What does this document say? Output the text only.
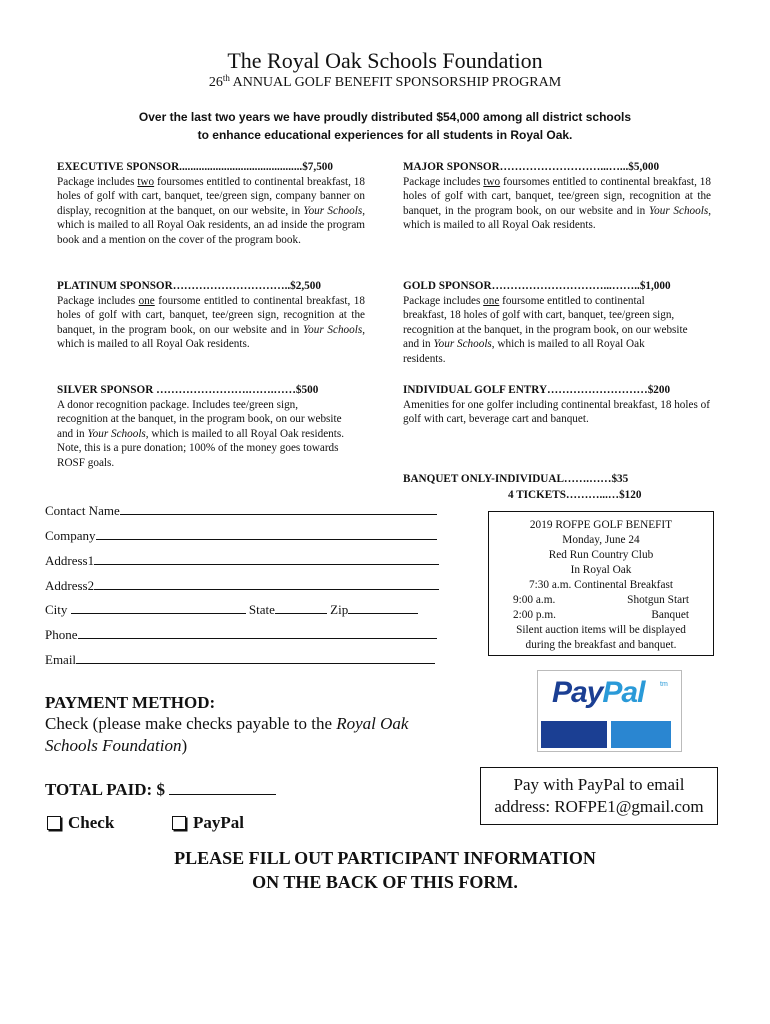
The Royal Oak Schools Foundation
26th ANNUAL GOLF BENEFIT SPONSORSHIP PROGRAM
Over the last two years we have proudly distributed $54,000 among all district schools
to enhance educational experiences for all students in Royal Oak.
EXECUTIVE SPONSOR............................................$7,500
Package includes two foursomes entitled to continental breakfast, 18 holes of golf with cart, banquet, tee/green sign, company banner on display, recognition at the banquet, on our website, in Your Schools, which is mailed to all Royal Oak residents, an ad inside the program book and a mention on the cover of the program book.
MAJOR SPONSOR………………………...…...$5,000
Package includes two foursomes entitled to continental breakfast, 18 holes of golf with cart, banquet, tee/green sign, recognition at the banquet, in the program book, on our website and in Your Schools, which is mailed to all Royal Oak residents.
PLATINUM SPONSOR…………………………..$2,500
Package includes one foursome entitled to continental breakfast, 18 holes of golf with cart, banquet, tee/green sign, recognition at the banquet, in the program book, on our website and in Your Schools, which is mailed to all Royal Oak residents.
GOLD SPONSOR…………………………...……..$1,000
Package includes one foursome entitled to continental breakfast, 18 holes of golf with cart, banquet, tee/green sign, recognition at the banquet, in the program book, on our website and in Your Schools, which is mailed to all Royal Oak residents.
SILVER SPONSOR …………………….…….……$500
A donor recognition package. Includes tee/green sign, recognition at the banquet, in the program book, on our website and in Your Schools, which is mailed to all Royal Oak residents. Note, this is a pure donation; 100% of the money goes towards ROSF goals.
INDIVIDUAL GOLF ENTRY………………………$200
Amenities for one golfer including continental breakfast, 18 holes of golf with cart, beverage cart and banquet.
BANQUET ONLY-INDIVIDUAL…….……$35
4 TICKETS………...…$120
Contact Name
Company
Address1
Address2
City	State	Zip
Phone
Email
2019 ROFPE GOLF BENEFIT
Monday, June 24
Red Run Country Club
In Royal Oak
7:30 a.m. Continental Breakfast
9:00 a.m.	Shotgun Start
2:00 p.m.	Banquet
Silent auction items will be displayed
during the breakfast and banquet.
PayPal tm
PAYMENT METHOD:
Check (please make checks payable to the Royal Oak Schools Foundation)
TOTAL PAID: $	Pay with PayPal to email
address: ROFPE1@gmail.com
Check	PayPal
PLEASE FILL OUT PARTICIPANT INFORMATION
ON THE BACK OF THIS FORM.
